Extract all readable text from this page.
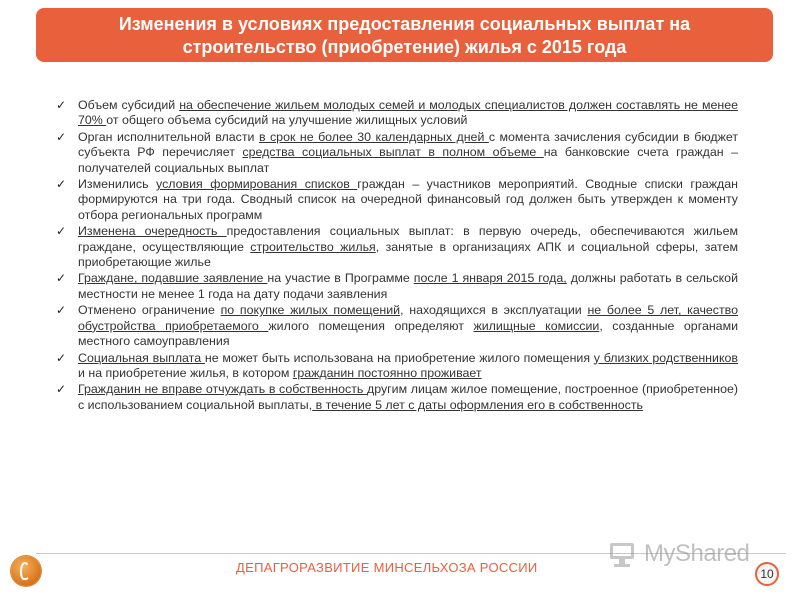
Изменения в условиях предоставления социальных выплат на
строительство (приобретение) жилья с 2015 года
✓ Объем субсидий на обеспечение жильем молодых семей и молодых специалистов должен составлять не менее 70% от общего объема субсидий на улучшение жилищных условий
✓ Орган исполнительной власти в срок не более 30 календарных дней с момента зачисления субсидии в бюджет субъекта РФ перечисляет средства социальных выплат в полном объеме на банковские счета граждан – получателей социальных выплат
✓ Изменились условия формирования списков граждан – участников мероприятий. Сводные списки граждан формируются на три года. Сводный список на очередной финансовый год должен быть утвержден к моменту отбора региональных программ
✓ Изменена очередность предоставления социальных выплат: в первую очередь, обеспечиваются жильем граждане, осуществляющие строительство жилья, занятые в организациях АПК и социальной сферы, затем приобретающие жилье
✓ Граждане, подавшие заявление на участие в Программе после 1 января 2015 года, должны работать в сельской местности не менее 1 года на дату подачи заявления
✓ Отменено ограничение по покупке жилых помещений, находящихся в эксплуатации не более 5 лет, качество обустройства приобретаемого жилого помещения определяют жилищные комиссии, созданные органами местного самоуправления
✓ Социальная выплата не может быть использована на приобретение жилого помещения у близких родственников и на приобретение жилья, в котором гражданин постоянно проживает
✓ Гражданин не вправе отчуждать в собственность другим лицам жилое помещение, построенное (приобретенное) с использованием социальной выплаты, в течение 5 лет с даты оформления его в собственность
ДЕПАГРОРАЗВИТИЕ МИНСЕЛЬХОЗА РОССИИ
MyShared
10
